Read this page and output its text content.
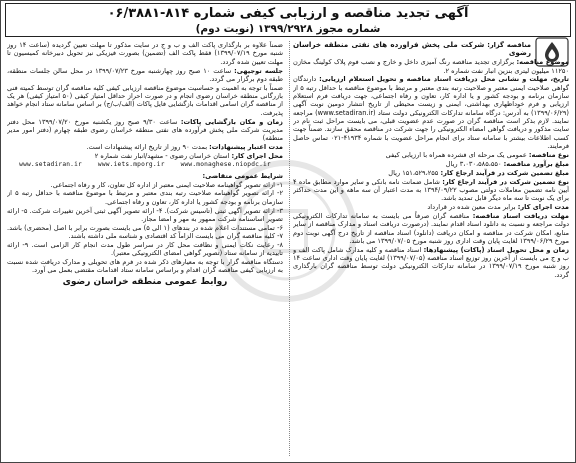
آگهی تجدید مناقصه و ارزیابی کیفی شماره ۸۱۴-۰۶/۳۸۸۱
شماره مجوز ۱۳۹۹/۲۹۲۸ (نوبت دوم)

مناقصه گزار: شرکت ملی پخش فرآورده های نفتی منطقه خراسان رضوی

موضوع مناقصه: برگزاری تجدید مناقصه رنگ آمیزی داخل و خارج و نصب فوم پلاک کولینگ مخازن ۱۱۲۵۰ میلیون لیتری بنزین انبار نفت شماره ۲.

تاریخ، مهلت و نشانی محل دریافت اسناد مناقصه و تحویل استعلام ارزیابی: دارندگان گواهی صلاحیت ایمنی معتبر و صلاحیت رتبه بندی معتبر و مرتبط با موضوع مناقصه با حداقل رتبه ۵ از سازمان برنامه و بودجه کشور و یا اداره کار، تعاون و رفاه اجتماعی، جهت دریافت فرم استعلام ارزیابی و فرم خوداظهاری بهداشتی، ایمنی و زیست محیطی از تاریخ انتشار دومین نوبت آگهی (۱۳۹۹/۰۶/۲۹) به آدرس: درگاه سامانه تدارکات الکترونیکی دولت ستاد (www.setadiran.ir) مراجعه نمایند. لازم بذکر است مناقصه گران در صورت عدم عضویت قبلی، می بایست مراحل ثبت نام در سایت مذکور و دریافت گواهی امضاء الکترونیکی را جهت شرکت در مناقصه محقق سازند. ضمناً جهت کسب اطلاعات بیشتر با سامانه ستاد برای انجام مراحل عضویت با شماره ۴۱۹۳۴-۰۲۱ تماس حاصل فرمایند.

نوع مناقصه: عمومی یک مرحله ای فشرده همراه با ارزیابی کیفی

مبلغ برآورد مناقصه: ۳،۰۳۰،۵۸۵،۵۵۰ ریال

مبلغ تضمین شرکت در فرآیند ارجاع کار: ۱۵۱،۵۲۹،۲۵۵ ریال

نوع تضمین شرکت در فرآیند ارجاع کار: شامل ضمانت نامه بانکی و سایر موارد مطابق ماده ۴ آیین نامه تضمین معاملات دولتی مصوب ۱۳۹۴/۰۹/۲۲ به مدت اعتبار آن سه ماهه و این مدت حداکثر برای یک نوبت تا سه ماه دیگر قابل تمدید باشد.

مدت اجرای کار: برابر مدت معین شده در قرارداد

مهلت دریافت اسناد مناقصه: مناقصه گران صرفاً می بایست به سامانه تدارکات الکترونیکی دولت مراجعه و نسبت به دانلود اسناد اقدام نمایند. (درصورت دریافت اسناد و مدارک مناقصه از سایر منابع، امکان شرکت در مناقصه و امکان دریافت (دانلود) اسناد مناقصه از تاریخ درج آگهی نوبت دوم مورخ ۱۳۹۹/۰۶/۲۹ لغایت پایان وقت اداری روز شنبه مورخ ۱۳۹۹/۰۷/۰۵ می باشد.

زمان و محل تحویل اسناد (پاکات) پیشنهادها: اسناد مناقصه و کلیه مدارک شامل پاکت الف و ب و ج می بایست از آخرین روز توزیع اسناد مناقصه (۱۳۹۹/۰۷/۰۵) لغایت پایان وقت اداری ساعت ۱۴ روز شنبه مورخ ۱۳۹۹/۰۷/۱۹ در سامانه تدارکات الکترونیکی دولت توسط مناقصه گران بارگذاری گردد.

ضمناً علاوه بر بارگذاری پاکت الف و ب و ج در سایت مذکور تا مهلت تعیین گردیده (ساعت ۱۴ روز شنبه مورخ ۱۳۹۹/۰۷/۱۹) فقط پاکت الف (تضمین) بصورت فیزیکی نیز تحویل دبیرخانه کمیسیون تا مهلت تعیین شده گردد.

جلسه توجیهی: ساعت ۱۰ صبح روز چهارشنبه مورخ ۱۳۹۹/۰۷/۲۳ در محل سالن جلسات منطقه، طبقه دوم برگزار می گردد.

ضمناً با توجه به اهمیت و حساسیت موضوع مناقصه ارزیابی کیفی کلیه مناقصه گران توسط کمیته فنی بازرگانی منطقه خراسان رضوی انجام و در صورت احراز حداقل امتیاز کیفی (۵۰ امتیاز کیفی) هر یک از مناقصه گران اسامی اقدامات بازگشایی فایل پاکات (الف/ب/ج) بر اساس سامانه ستاد انجام خواهد پذیرفت.

زمان و مکان بازگشایی پاکات: ساعت ۹/۳۰ صبح روز یکشنبه مورخ ۱۳۹۹/۰۷/۲۰ محل دفتر مدیریت شرکت ملی پخش فرآورده های نفتی منطقه خراسان رضوی طبقه چهارم (دفتر امور مدیر منطقه)

مدت اعتبار پیشنهادات: بمدت ۹۰ روز از تاریخ ارائه پیشنهادات است.

محل اجرای کار: استان خراسان رضوی - مشهد/انبار نفت شماره ۲

www.setadiran.ir	www.iets.mporg.ir	www.monaghese.niopdc.ir

شرایط عمومی متقاضی:

۱- ارائه تصویر گواهینامه صلاحیت ایمنی معتبر از اداره کل تعاون، کار و رفاه اجتماعی.

۲- ارائه تصویر گواهینامه صلاحیت رتبه بندی معتبر و مرتبط با موضوع مناقصه با حداقل رتبه ۵ از سازمان برنامه و بودجه کشور یا اداره کار، تعاون و رفاه اجتماعی.

۳- ارائه تصویر آگهی ثبتی (تاسیس شرکت). ۴- ارائه تصویر آگهی ثبتی آخرین تغییرات شرکت. ۵- ارائه تصویر اساسنامه شرکت ممهور به مهر و امضا مجاز.

۶- تمامی مستندات اعلام شده در بندهای (۱ الی ۵) می بایست بصورت برابر با اصل (محضری) باشد. ۷- کلیه مناقصه گران می بایست الزاماً کد اقتصادی و شناسه ملی داشته باشند.

۸- رعایت نکات ایمنی و نظافت محل کار در سراسر طول مدت انجام کار الزامی است. ۹- ارائه تاییدیه از سامانه ستاد (تصویر گواهی امضای الکترونیکی معتبر).

دستگاه مناقصه گزار با توجه به معیارهای ذکر شده در فرم های تحویلی و مدارک دریافت شده نسبت به ارزیابی کیفی مناقصه گران اقدام و براساس سامانه ستاد اقدامات مقتضی بعمل می آورد.

روابط عمومی منطقه خراسان رضوی
